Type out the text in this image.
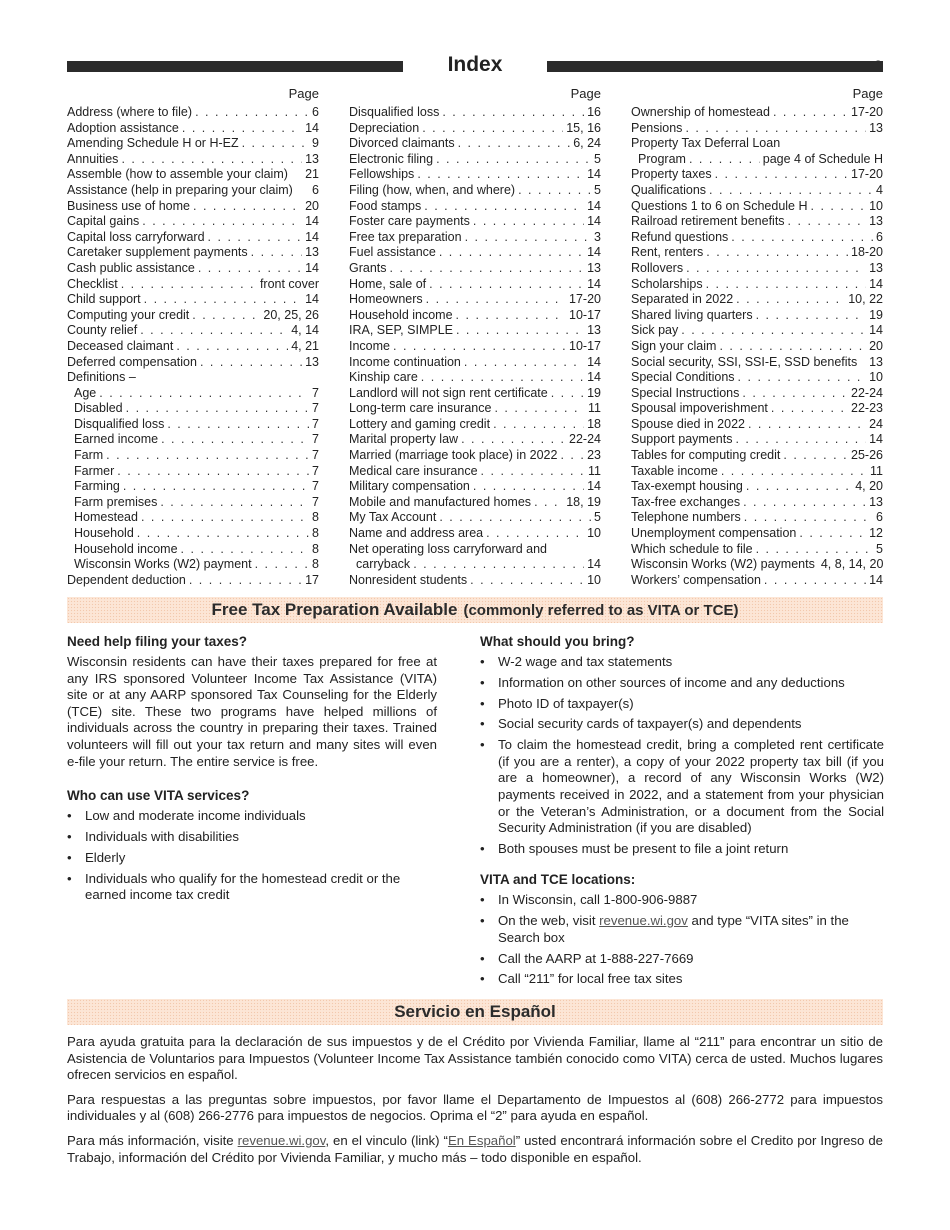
Index
Page
Address (where to file) . . .	6
Adoption assistance . . .	14
Amending Schedule H or H-EZ . . .	9
Annuities . . .	13
Assemble (how to assemble your claim) 21
Assistance (help in preparing your claim) 6
Business use of home . . .	20
Capital gains . . .	14
Capital loss carryforward . . .	14
Caretaker supplement payments . . .	13
Cash public assistance . . .	14
Checklist . . .	front cover
Child support . . .	14
Computing your credit . . .	20, 25, 26
County relief . . .	4, 14
Deceased claimant . . .	4, 21
Deferred compensation . . .	13
Definitions –
Age . . .	7
Disabled . . .	7
Disqualified loss . . .	7
Earned income . . .	7
Farm . . .	7
Farmer . . .	7
Farming . . .	7
Farm premises . . .	7
Homestead . . .	8
Household . . .	8
Household income . . .	8
Wisconsin Works (W2) payment . . .	8
Dependent deduction . . .	17
Page
Disqualified loss . . .	16
Depreciation . . .	15, 16
Divorced claimants . . .	6, 24
Electronic filing . . .	5
Fellowships . . .	14
Filing (how, when, and where) . . .	5
Food stamps . . .	14
Foster care payments . . .	14
Free tax preparation . . .	3
Fuel assistance . . .	14
Grants . . .	13
Home, sale of . . .	14
Homeowners . . .	17-20
Household income . . .	10-17
IRA, SEP, SIMPLE . . .	13
Income . . .	10-17
Income continuation . . .	14
Kinship care . . .	14
Landlord will not sign rent certificate . . .	19
Long-term care insurance . . .	11
Lottery and gaming credit . . .	18
Marital property law . . .	22-24
Married (marriage took place) in 2022 . . . 23
Medical care insurance . . .	11
Military compensation . . .	14
Mobile and manufactured homes . . .	18, 19
My Tax Account . . .	5
Name and address area . . .	10
Net operating loss carryforward and
carryback . . .	14
Nonresident students . . .	10
Page
Ownership of homestead . . .	17-20
Pensions . . .	13
Property Tax Deferral Loan
Program . . .	page 4 of Schedule H
Property taxes . . .	17-20
Qualifications . . .	4
Questions 1 to 6 on Schedule H . . .	10
Railroad retirement benefits . . .	13
Refund questions . . .	6
Rent, renters . . .	18-20
Rollovers . . .	13
Scholarships . . .	14
Separated in 2022 . . .	10, 22
Shared living quarters . . .	19
Sick pay . . .	14
Sign your claim . . .	20
Social security, SSI, SSI-E, SSD benefits 13
Special Conditions . . .	10
Special Instructions . . .	22-24
Spousal impoverishment . . .	22-23
Spouse died in 2022 . . .	24
Support payments . . .	14
Tables for computing credit . . .	25-26
Taxable income . . .	11
Tax-exempt housing . . .	4, 20
Tax-free exchanges . . .	13
Telephone numbers . . .	6
Unemployment compensation . . .	12
Which schedule to file . . .	5
Wisconsin Works (W2) payments 4, 8, 14, 20
Workers’ compensation . . .	14
Free Tax Preparation Available (commonly referred to as VITA or TCE)

Need help filing your taxes?

Wisconsin residents can have their taxes prepared for free at any IRS sponsored Volunteer Income Tax Assistance (VITA) site or at any AARP sponsored Tax Counseling for the Elderly (TCE) site. These two programs have helped millions of individuals across the country in preparing their taxes. Trained volunteers will fill out your tax return and many sites will even e-file your return. The entire service is free.

Who can use VITA services?

• Low and moderate income individuals
• Individuals with disabilities
• Elderly
• Individuals who qualify for the homestead credit or the earned income tax credit

What should you bring?

• W-2 wage and tax statements
• Information on other sources of income and any deductions
• Photo ID of taxpayer(s)
• Social security cards of taxpayer(s) and dependents
• To claim the homestead credit, bring a completed rent certificate (if you are a renter), a copy of your 2022 property tax bill (if you are a homeowner), a record of any Wisconsin Works (W2) payments received in 2022, and a statement from your physician or the Veteran’s Administration, or a document from the Social Security Administration (if you are disabled)
• Both spouses must be present to file a joint return

VITA and TCE locations:

• In Wisconsin, call 1-800-906-9887
• On the web, visit revenue.wi.gov and type “VITA sites” in the Search box
• Call the AARP at 1-888-227-7669
• Call “211” for local free tax sites
Servicio en Español

Para ayuda gratuita para la declaración de sus impuestos y de el Crédito por Vivienda Familiar, llame al “211” para encontrar un sitio de Asistencia de Voluntarios para Impuestos (Volunteer Income Tax Assistance también conocido como VITA) cerca de usted. Muchos lugares ofrecen servicios en español.

Para respuestas a las preguntas sobre impuestos, por favor llame el Departamento de Impuestos al (608) 266-2772 para impuestos individuales y al (608) 266-2776 para impuestos de negocios. Oprima el “2” para ayuda en español.

Para más información, visite revenue.wi.gov, en el vinculo (link) “En Español” usted encontrará información sobre el Credito por Ingreso de Trabajo, información del Crédito por Vivienda Familiar, y mucho más – todo disponible en español.
